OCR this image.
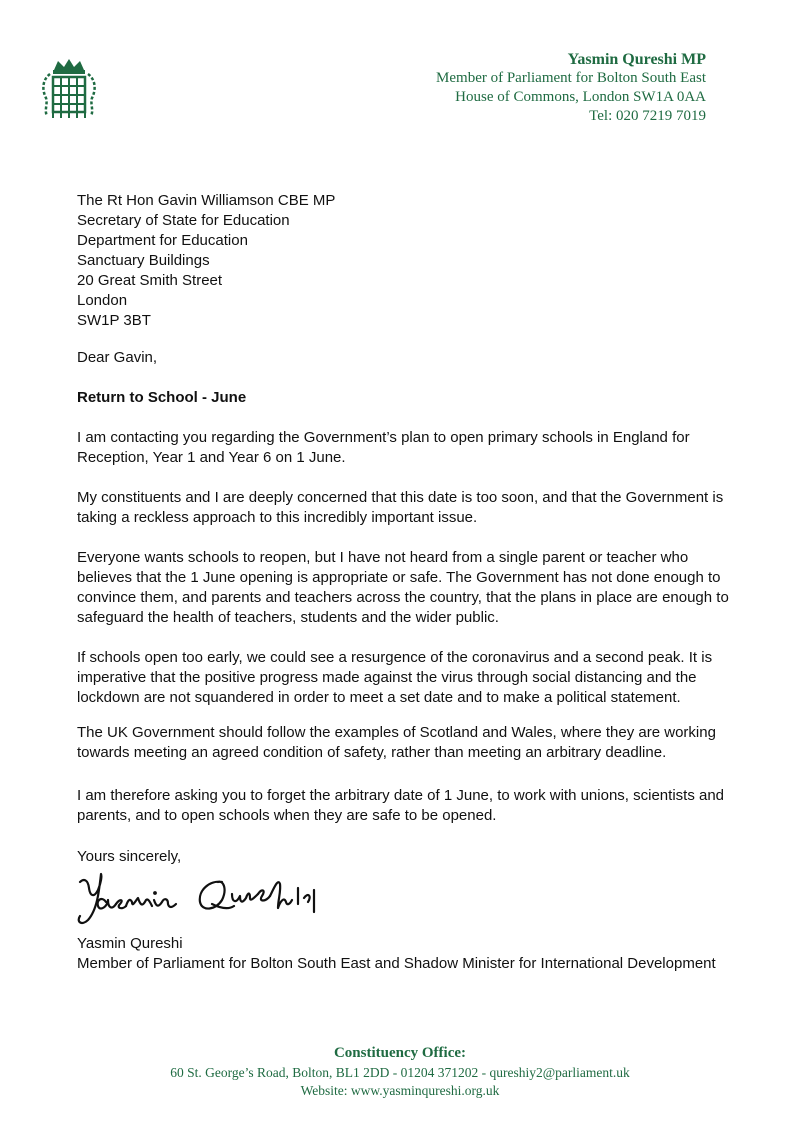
Yasmin Qureshi MP
Member of Parliament for Bolton South East
House of Commons, London SW1A 0AA
Tel: 020 7219 7019
The Rt Hon Gavin Williamson CBE MP
Secretary of State for Education
Department for Education
Sanctuary Buildings
20 Great Smith Street
London
SW1P 3BT
Dear Gavin,
Return to School - June
I am contacting you regarding the Government’s plan to open primary schools in England for Reception, Year 1 and Year 6 on 1 June.
My constituents and I are deeply concerned that this date is too soon, and that the Government is taking a reckless approach to this incredibly important issue.
Everyone wants schools to reopen, but I have not heard from a single parent or teacher who believes that the 1 June opening is appropriate or safe. The Government has not done enough to convince them, and parents and teachers across the country, that the plans in place are enough to safeguard the health of teachers, students and the wider public.
If schools open too early, we could see a resurgence of the coronavirus and a second peak. It is imperative that the positive progress made against the virus through social distancing and the lockdown are not squandered in order to meet a set date and to make a political statement.
The UK Government should follow the examples of Scotland and Wales, where they are working towards meeting an agreed condition of safety, rather than meeting an arbitrary deadline.
I am therefore asking you to forget the arbitrary date of 1 June, to work with unions, scientists and parents, and to open schools when they are safe to be opened.
Yours sincerely,
Yasmin Qureshi
Member of Parliament for Bolton South East and Shadow Minister for International Development
Constituency Office:
60 St. George’s Road, Bolton, BL1 2DD - 01204 371202 - qureshiy2@parliament.uk
Website: www.yasminqureshi.org.uk
